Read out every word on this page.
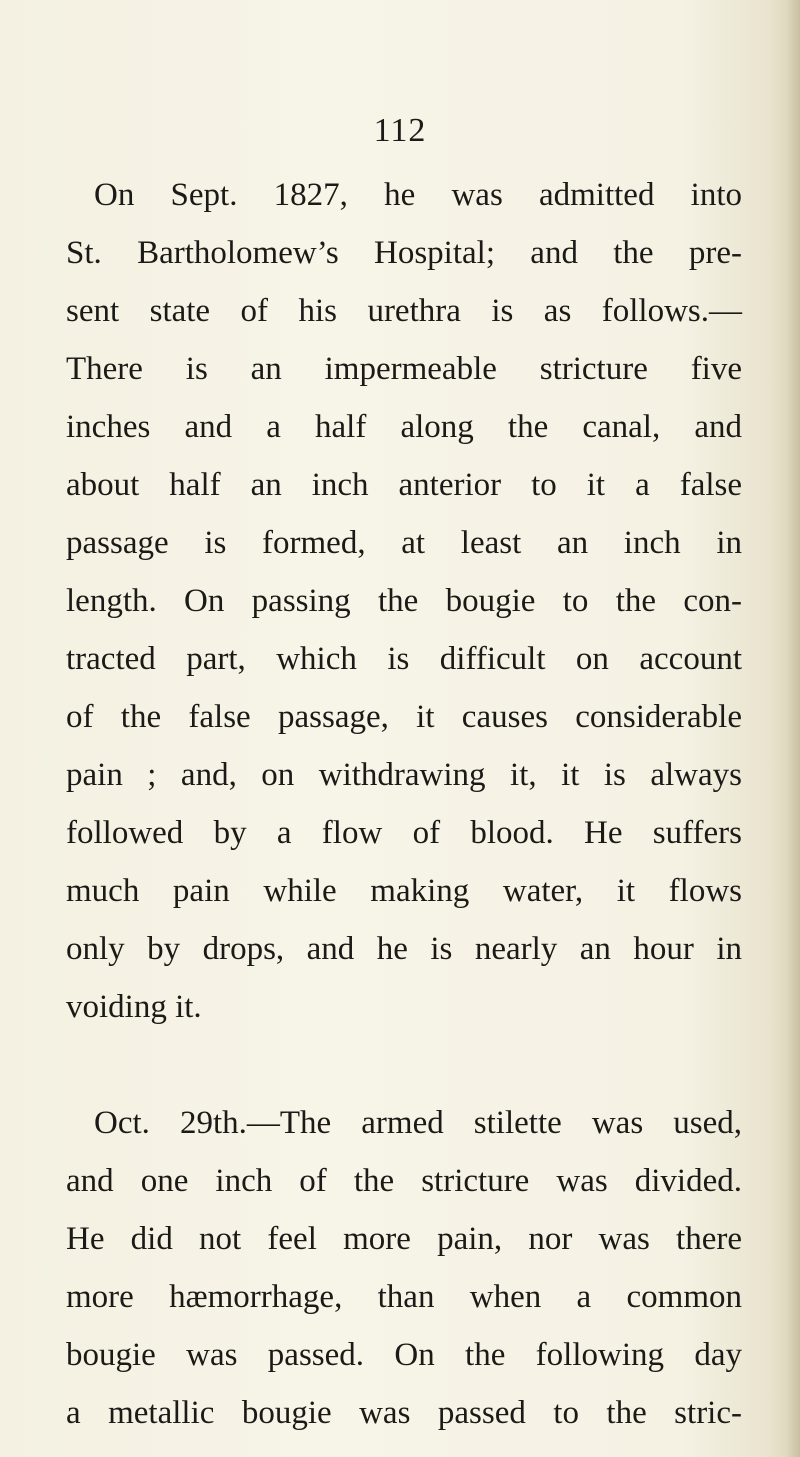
112
On Sept. 1827, he was admitted into
St. Bartholomew’s Hospital; and the pre-
sent state of his urethra is as follows.—
There is an impermeable stricture five
inches and a half along the canal, and
about half an inch anterior to it a false
passage is formed, at least an inch in
length. On passing the bougie to the con-
tracted part, which is difficult on account
of the false passage, it causes considerable
pain ; and, on withdrawing it, it is always
followed by a flow of blood. He suffers
much pain while making water, it flows
only by drops, and he is nearly an hour in
voiding it.
Oct. 29th.—The armed stilette was used,
and one inch of the stricture was divided.
He did not feel more pain, nor was there
more hæmorrhage, than when a common
bougie was passed. On the following day
a metallic bougie was passed to the stric-
